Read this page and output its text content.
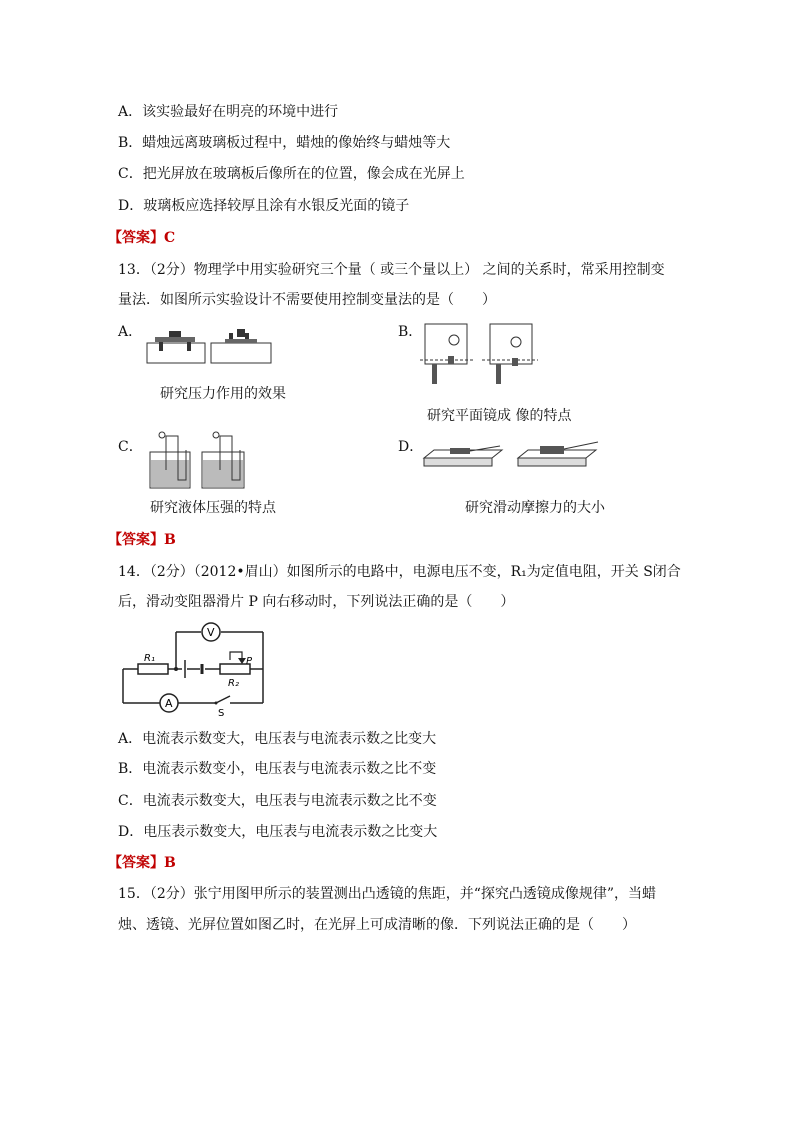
A．该实验最好在明亮的环境中进行
B．蜡烛远离玻璃板过程中，蜡烛的像始终与蜡烛等大
C．把光屏放在玻璃板后像所在的位置，像会成在光屏上
D．玻璃板应选择较厚且涂有水银反光面的镜子
【答案】C
13．（2分）物理学中用实验研究三个量（ 或三个量以上） 之间的关系时，常采用控制变
量法．如图所示实验设计不需要使用控制变量法的是（　　）
A．	B．
C．	D．
研究压力作用的效果
研究平面镜成 像的特点
研究液体压强的特点	研究滑动摩擦力的大小
【答案】B
14．（2分）（2012•眉山）如图所示的电路中，电源电压不变，R₁为定值电阻，开关 S闭合
后，滑动变阻器滑片 P 向右移动时，下列说法正确的是（　　）
V
A
R₁
R₂
P
S
A．电流表示数变大，电压表与电流表示数之比变大
B．电流表示数变小，电压表与电流表示数之比不变
C．电流表示数变大，电压表与电流表示数之比不变
D．电压表示数变大，电压表与电流表示数之比变大
【答案】B
15．（2分）张宁用图甲所示的装置测出凸透镜的焦距，并“探究凸透镜成像规律”，当蜡
烛、透镜、光屏位置如图乙时，在光屏上可成清晰的像．下列说法正确的是（　　）
